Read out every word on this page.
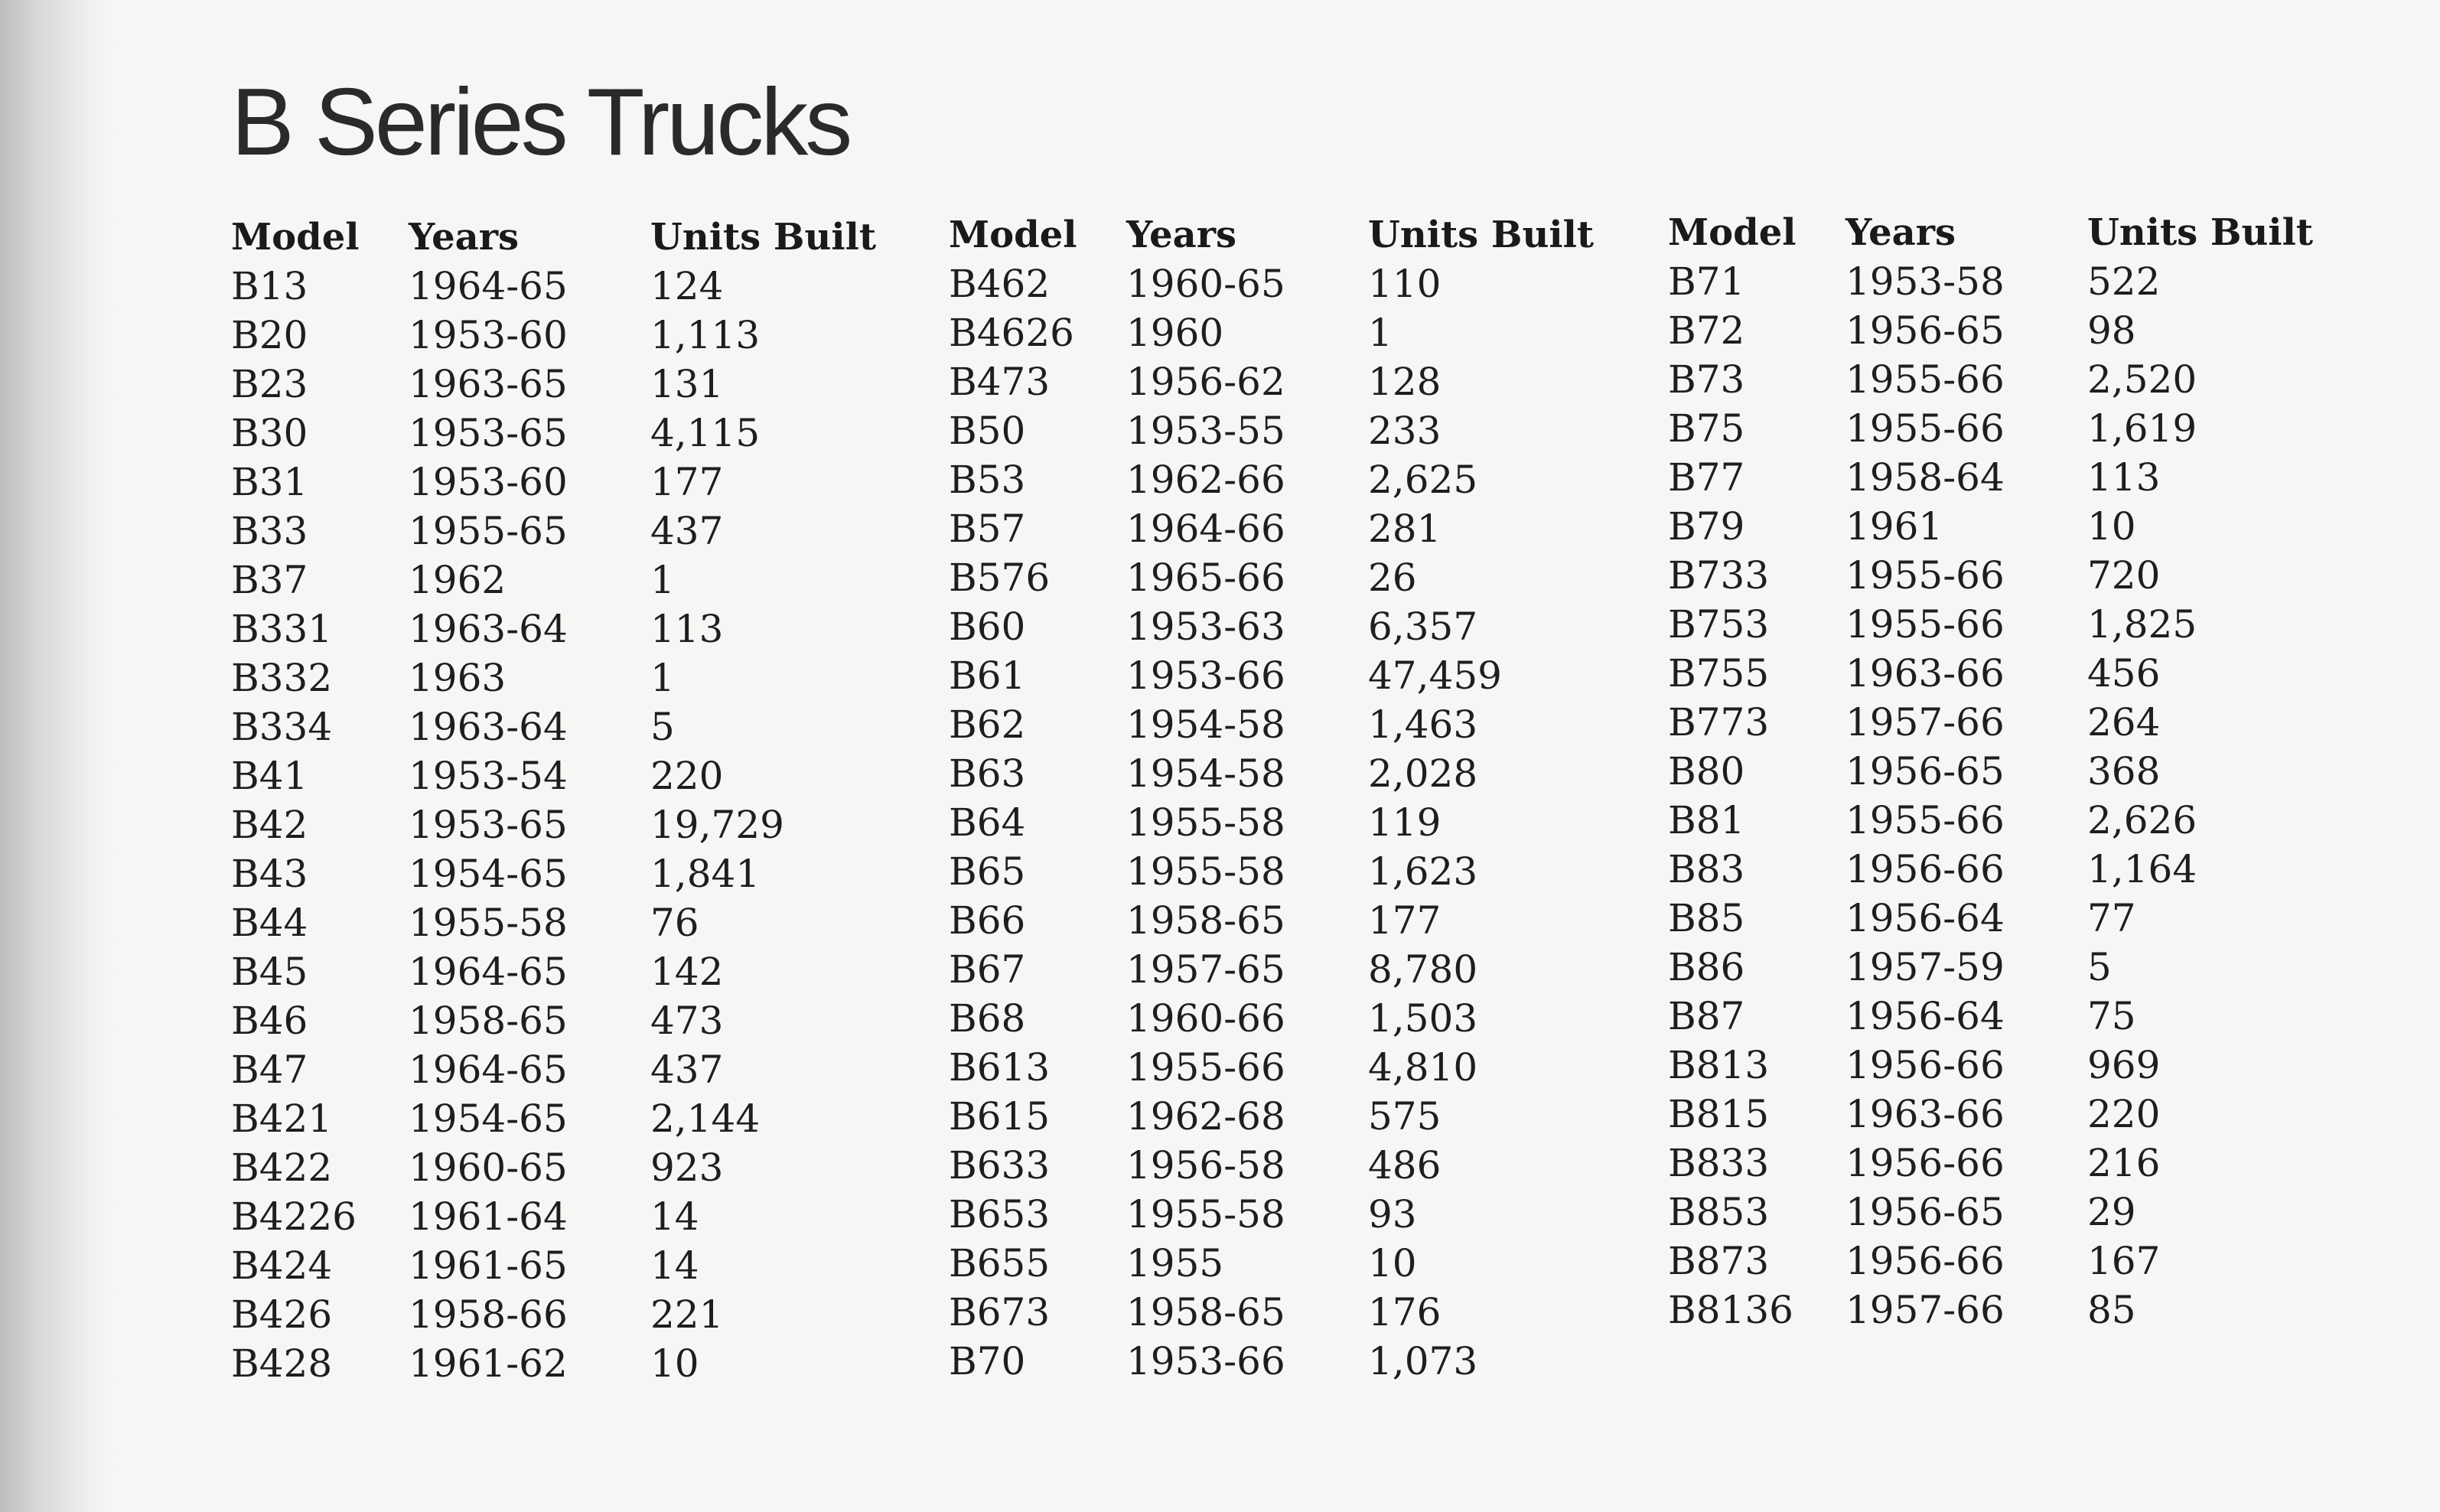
B Series Trucks
Model Years	Units Built
B13	1964-65 124
B20	1953-60 1,113
B23	1963-65 131
B30	1953-65 4,115
B31	1953-60 177
B33	1955-65 437
B37	1962	1
B331 1963-64 113
B332 1963	1
B334 1963-64 5
B41	1953-54 220
B42	1953-65 19,729
B43	1954-65 1,841
B44	1955-58 76
B45	1964-65 142
B46	1958-65 473
B47	1964-65 437
B421 1954-65 2,144
B422 1960-65 923
B4226 1961-64 14
B424 1961-65 14
B426 1958-66 221
B428 1961-62 10
Model Years	Units Built
B462 1960-65 110
B4626 1960	1
B473 1956-62 128
B50	1953-55 233
B53	1962-66 2,625
B57	1964-66 281
B576 1965-66 26
B60	1953-63 6,357
B61	1953-66 47,459
B62	1954-58 1,463
B63	1954-58 2,028
B64	1955-58 119
B65	1955-58 1,623
B66	1958-65 177
B67	1957-65 8,780
B68	1960-66 1,503
B613 1955-66 4,810
B615 1962-68 575
B633 1956-58 486
B653 1955-58 93
B655 1955	10
B673 1958-65 176
B70	1953-66 1,073
Model Years	Units Built
B71	1953-58 522
B72	1956-65 98
B73	1955-66 2,520
B75	1955-66 1,619
B77	1958-64 113
B79	1961	10
B733 1955-66 720
B753 1955-66 1,825
B755 1963-66 456
B773 1957-66 264
B80	1956-65 368
B81	1955-66 2,626
B83	1956-66 1,164
B85	1956-64 77
B86	1957-59 5
B87	1956-64 75
B813 1956-66 969
B815 1963-66 220
B833 1956-66 216
B853 1956-65 29
B873 1956-66 167
B8136 1957-66 85
